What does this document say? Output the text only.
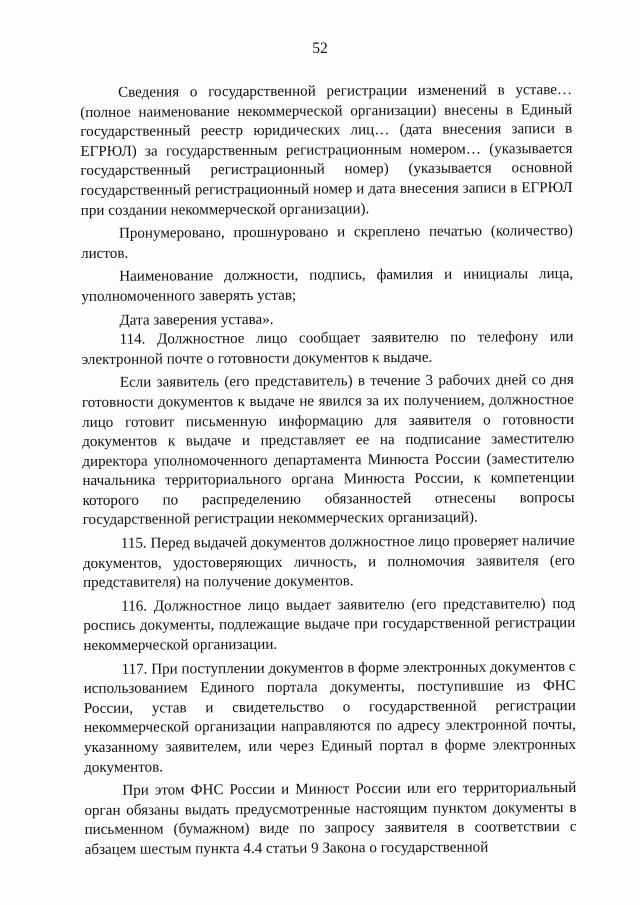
52

Сведения о государственной регистрации изменений в уставе… (полное наименование некоммерческой организации) внесены в Единый государственный реестр юридических лиц… (дата внесения записи в ЕГРЮЛ) за государственным регистрационным номером… (указывается государственный регистрационный номер) (указывается основной государственный регистрационный номер и дата внесения записи в ЕГРЮЛ при создании некоммерческой организации).

Пронумеровано, прошнуровано и скреплено печатью (количество) листов.

Наименование должности, подпись, фамилия и инициалы лица, уполномоченного заверять устав;

Дата заверения устава».

114. Должностное лицо сообщает заявителю по телефону или электронной почте о готовности документов к выдаче.

Если заявитель (его представитель) в течение 3 рабочих дней со дня готовности документов к выдаче не явился за их получением, должностное лицо готовит письменную информацию для заявителя о готовности документов к выдаче и представляет ее на подписание заместителю директора уполномоченного департамента Минюста России (заместителю начальника территориального органа Минюста России, к компетенции которого по распределению обязанностей отнесены вопросы государственной регистрации некоммерческих организаций).

115. Перед выдачей документов должностное лицо проверяет наличие документов, удостоверяющих личность, и полномочия заявителя (его представителя) на получение документов.

116. Должностное лицо выдает заявителю (его представителю) под роспись документы, подлежащие выдаче при государственной регистрации некоммерческой организации.

117. При поступлении документов в форме электронных документов с использованием Единого портала документы, поступившие из ФНС России, устав и свидетельство о государственной регистрации некоммерческой организации направляются по адресу электронной почты, указанному заявителем, или через Единый портал в форме электронных документов.

При этом ФНС России и Минюст России или его территориальный орган обязаны выдать предусмотренные настоящим пунктом документы в письменном (бумажном) виде по запросу заявителя в соответствии с абзацем шестым пункта 4.4 статьи 9 Закона о государственной
